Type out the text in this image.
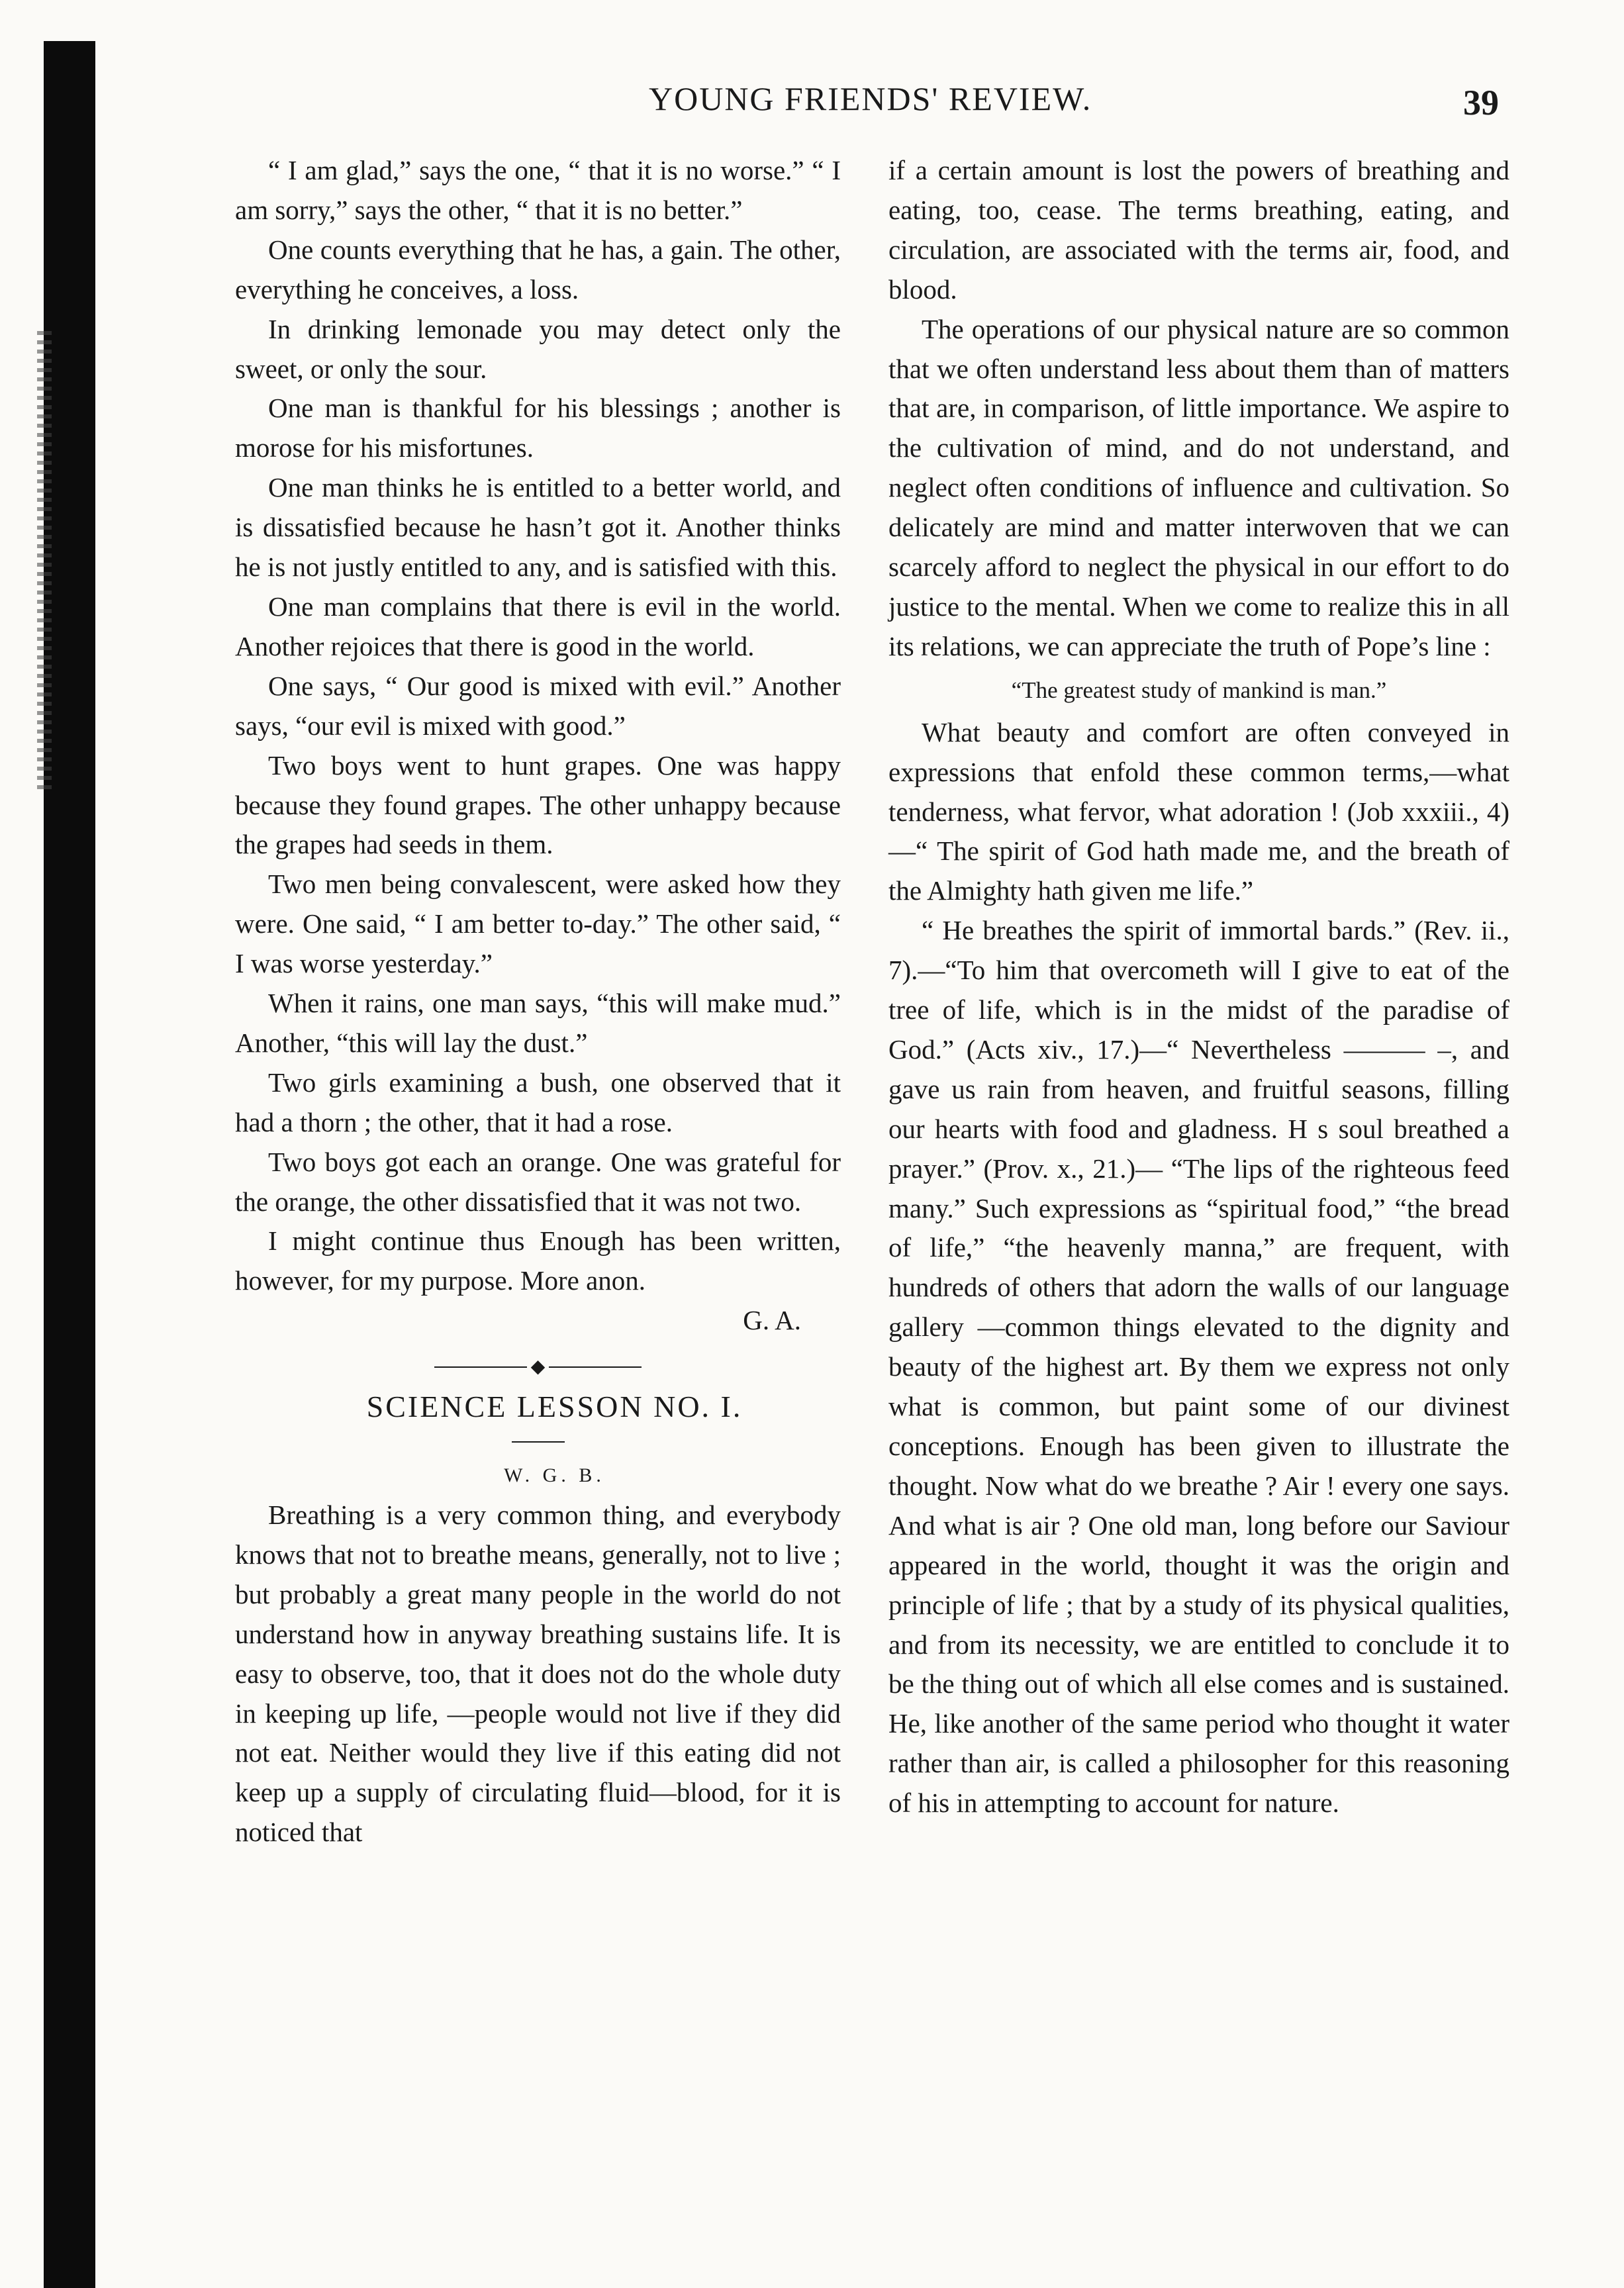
YOUNG FRIENDS' REVIEW.	39

“ I am glad,” says the one, “ that it is no worse.” “ I am sorry,” says the other, “ that it is no better.”

One counts everything that he has, a gain. The other, everything he conceives, a loss.

In drinking lemonade you may detect only the sweet, or only the sour.

One man is thankful for his blessings ; another is morose for his misfortunes.

One man thinks he is entitled to a better world, and is dissatisfied because he hasn’t got it. Another thinks he is not justly entitled to any, and is satisfied with this.

One man complains that there is evil in the world. Another rejoices that there is good in the world.

One says, “ Our good is mixed with evil.” Another says, “our evil is mixed with good.”

Two boys went to hunt grapes. One was happy because they found grapes. The other unhappy because the grapes had seeds in them.

Two men being convalescent, were asked how they were. One said, “ I am better to-day.” The other said, “ I was worse yesterday.”

When it rains, one man says, “this will make mud.” Another, “this will lay the dust.”

Two girls examining a bush, one observed that it had a thorn ; the other, that it had a rose.

Two boys got each an orange. One was grateful for the orange, the other dissatisfied that it was not two.

I might continue thus Enough has been written, however, for my purpose. More anon.

G. A.

◆

SCIENCE LESSON NO. I.

W. G. B.

Breathing is a very common thing, and everybody knows that not to breathe means, generally, not to live ; but probably a great many people in the world do not understand how in anyway breathing sustains life. It is easy to observe, too, that it does not do the whole duty in keeping up life, —people would not live if they did not eat. Neither would they live if this eating did not keep up a supply of circulating fluid—blood, for it is noticed that

if a certain amount is lost the powers of breathing and eating, too, cease. The terms breathing, eating, and circulation, are associated with the terms air, food, and blood.

The operations of our physical nature are so common that we often understand less about them than of matters that are, in comparison, of little importance. We aspire to the cultivation of mind, and do not understand, and neglect often conditions of influence and cultivation. So delicately are mind and matter interwoven that we can scarcely afford to neglect the physical in our effort to do justice to the mental. When we come to realize this in all its relations, we can appreciate the truth of Pope’s line :

“The greatest study of mankind is man.”

What beauty and comfort are often conveyed in expressions that enfold these common terms,—what tenderness, what fervor, what adoration ! (Job xxxiii., 4)—“ The spirit of God hath made me, and the breath of the Almighty hath given me life.”

“ He breathes the spirit of immortal bards.” (Rev. ii., 7).—“To him that overcometh will I give to eat of the tree of life, which is in the midst of the paradise of God.” (Acts xiv., 17.)—“ Nevertheless ——— –, and gave us rain from heaven, and fruitful seasons, filling our hearts with food and gladness. H s soul breathed a prayer.” (Prov. x., 21.)— “The lips of the righteous feed many.” Such expressions as “spiritual food,” “the bread of life,” “the heavenly manna,” are frequent, with hundreds of others that adorn the walls of our language gallery —common things elevated to the dignity and beauty of the highest art. By them we express not only what is common, but paint some of our divinest conceptions. Enough has been given to illustrate the thought. Now what do we breathe ? Air ! every one says. And what is air ? One old man, long before our Saviour appeared in the world, thought it was the origin and principle of life ; that by a study of its physical qualities, and from its necessity, we are entitled to conclude it to be the thing out of which all else comes and is sustained. He, like another of the same period who thought it water rather than air, is called a philosopher for this reasoning of his in attempting to account for nature.
